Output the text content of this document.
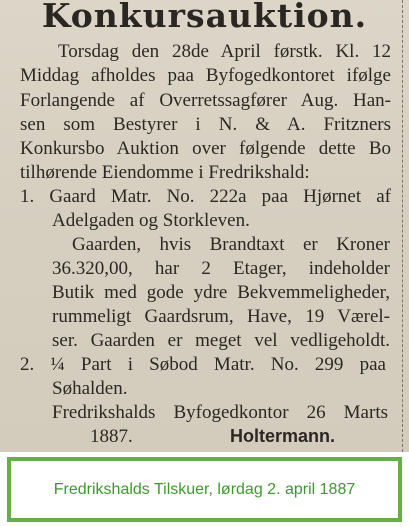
Konkursauktion.
Torsdag den 28de April førstk. Kl. 12
Middag afholdes paa Byfogedkontoret ifølge
Forlangende af Overretssagfører Aug. Han-
sen som Bestyrer i N. & A. Fritzners
Konkursbo Auktion over følgende dette Bo
tilhørende Eiendomme i Fredrikshald:
1. Gaard Matr. No. 222a paa Hjørnet af
Adelgaden og Storkleven.
Gaarden, hvis Brandtaxt er Kroner
36.320,00, har 2 Etager, indeholder
Butik med gode ydre Bekvemmeligheder,
rummeligt Gaardsrum, Have, 19 Værel-
ser. Gaarden er meget vel vedligeholdt.
2. ¼ Part i Søbod Matr. No. 299 paa
Søhalden.
Fredrikshalds Byfogedkontor 26 Marts
1887.	Holtermann.
Fredrikshalds Tilskuer, lørdag 2. april 1887
